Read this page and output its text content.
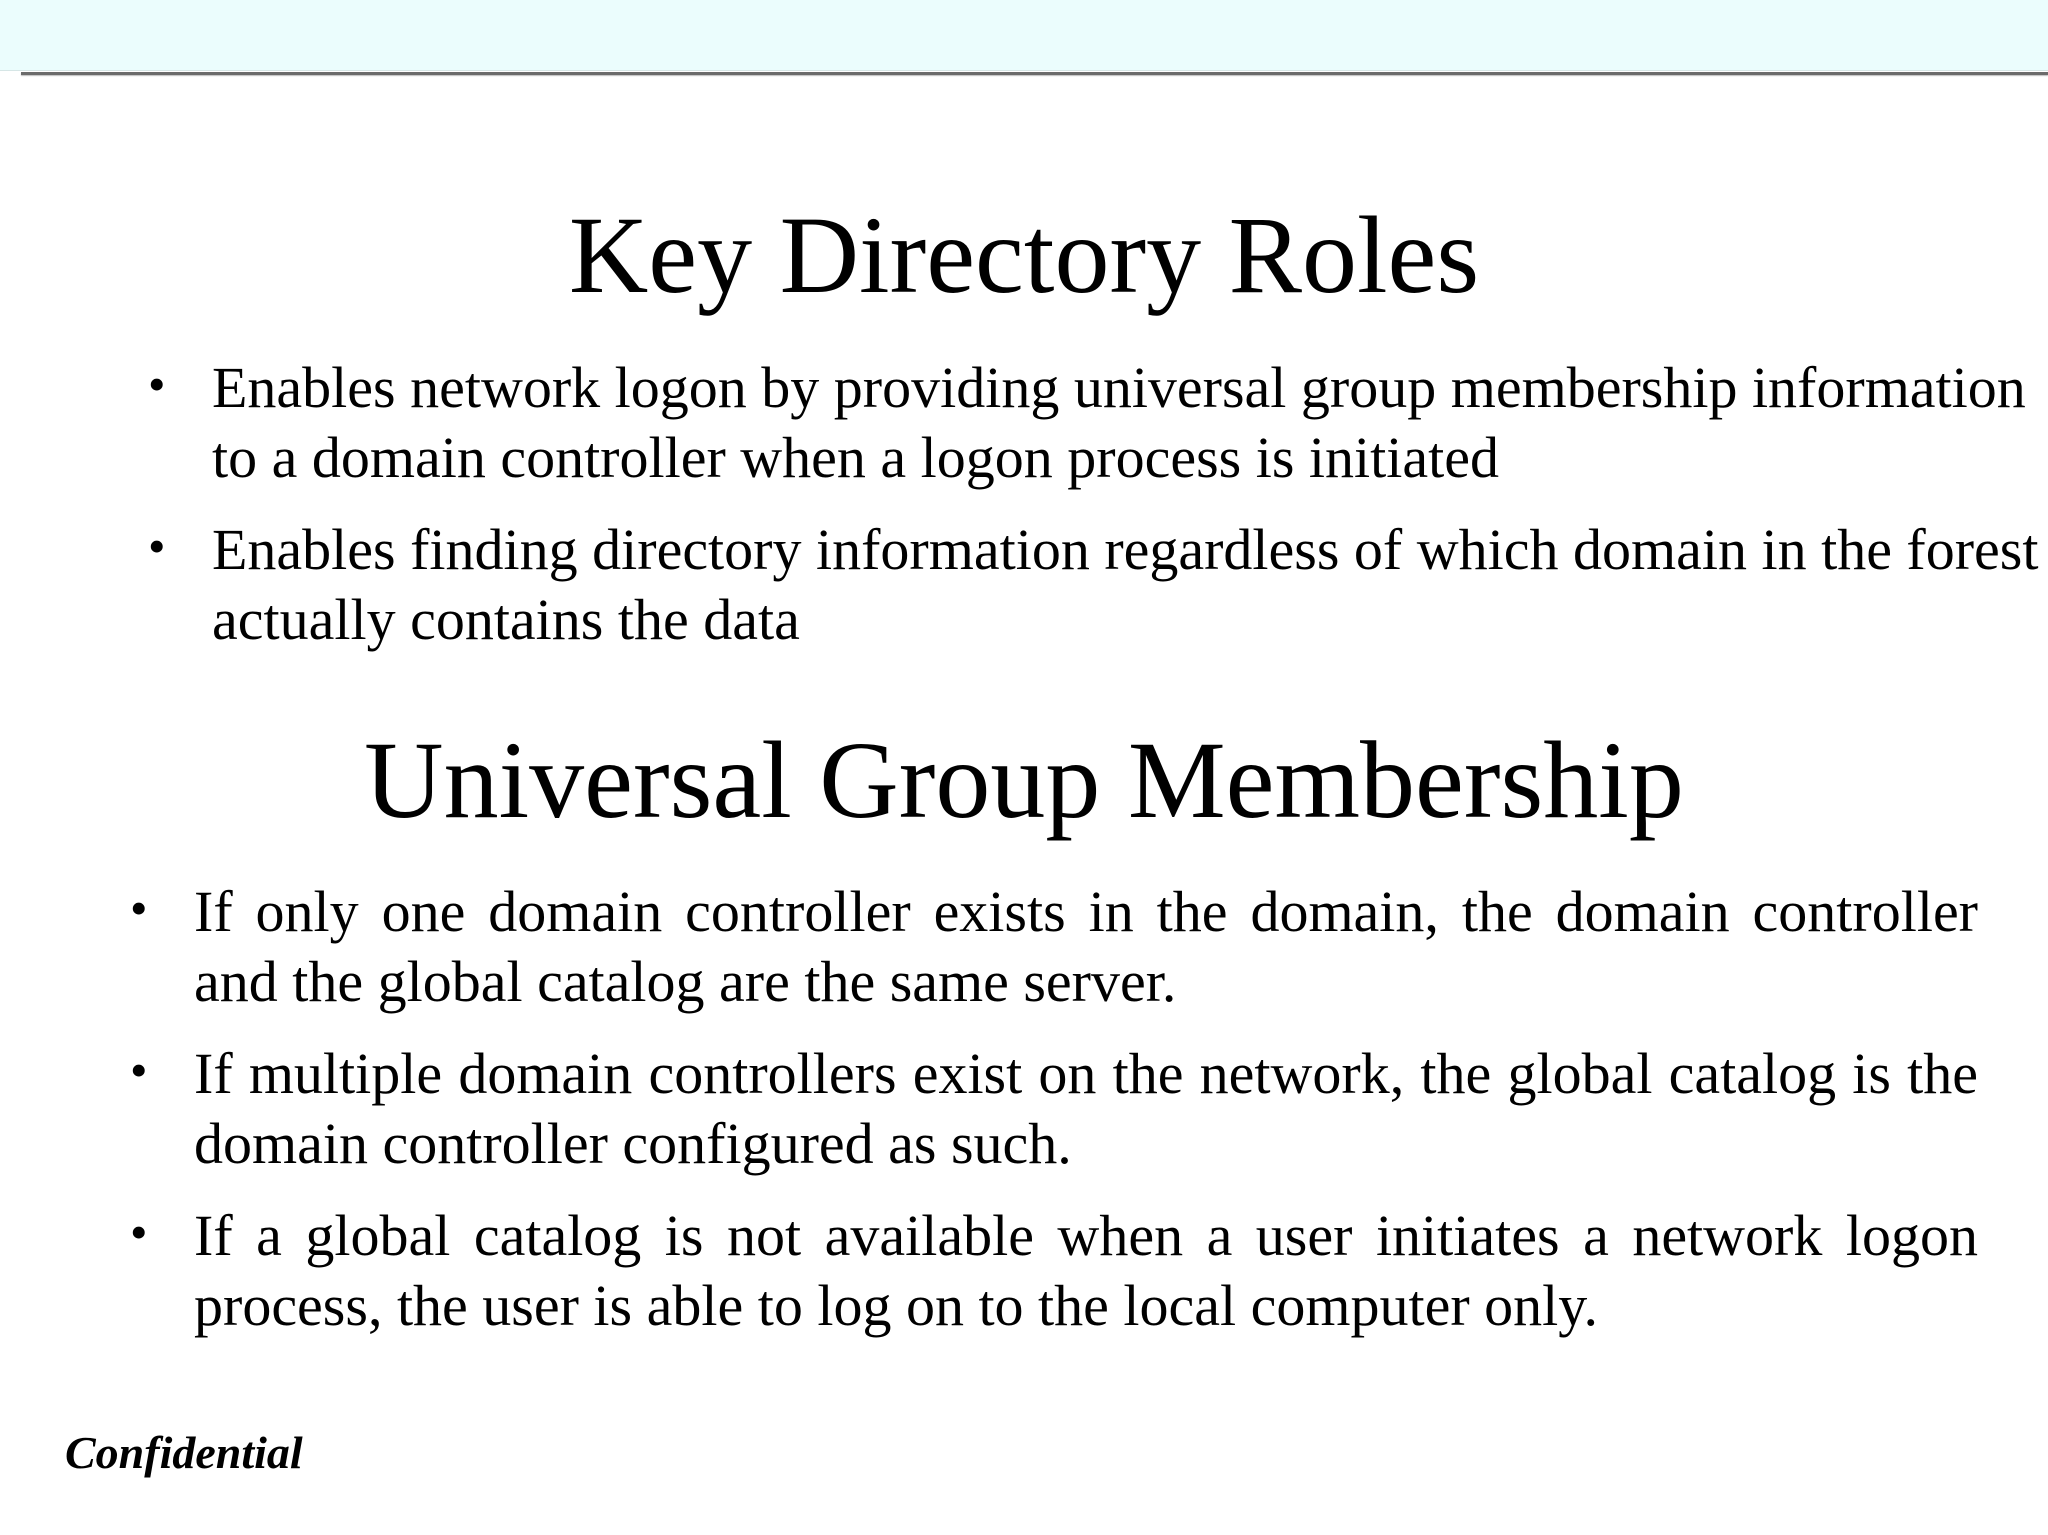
Key Directory Roles
• Enables network logon by providing universal group membership information to a domain controller when a logon process is initiated
• Enables finding directory information regardless of which domain in the forest actually contains the data
Universal Group Membership
• If only one domain controller exists in the domain, the domain controller and the global catalog are the same server.
• If multiple domain controllers exist on the network, the global catalog is the domain controller configured as such.
• If a global catalog is not available when a user initiates a network logon process, the user is able to log on to the local computer only.
Confidential
